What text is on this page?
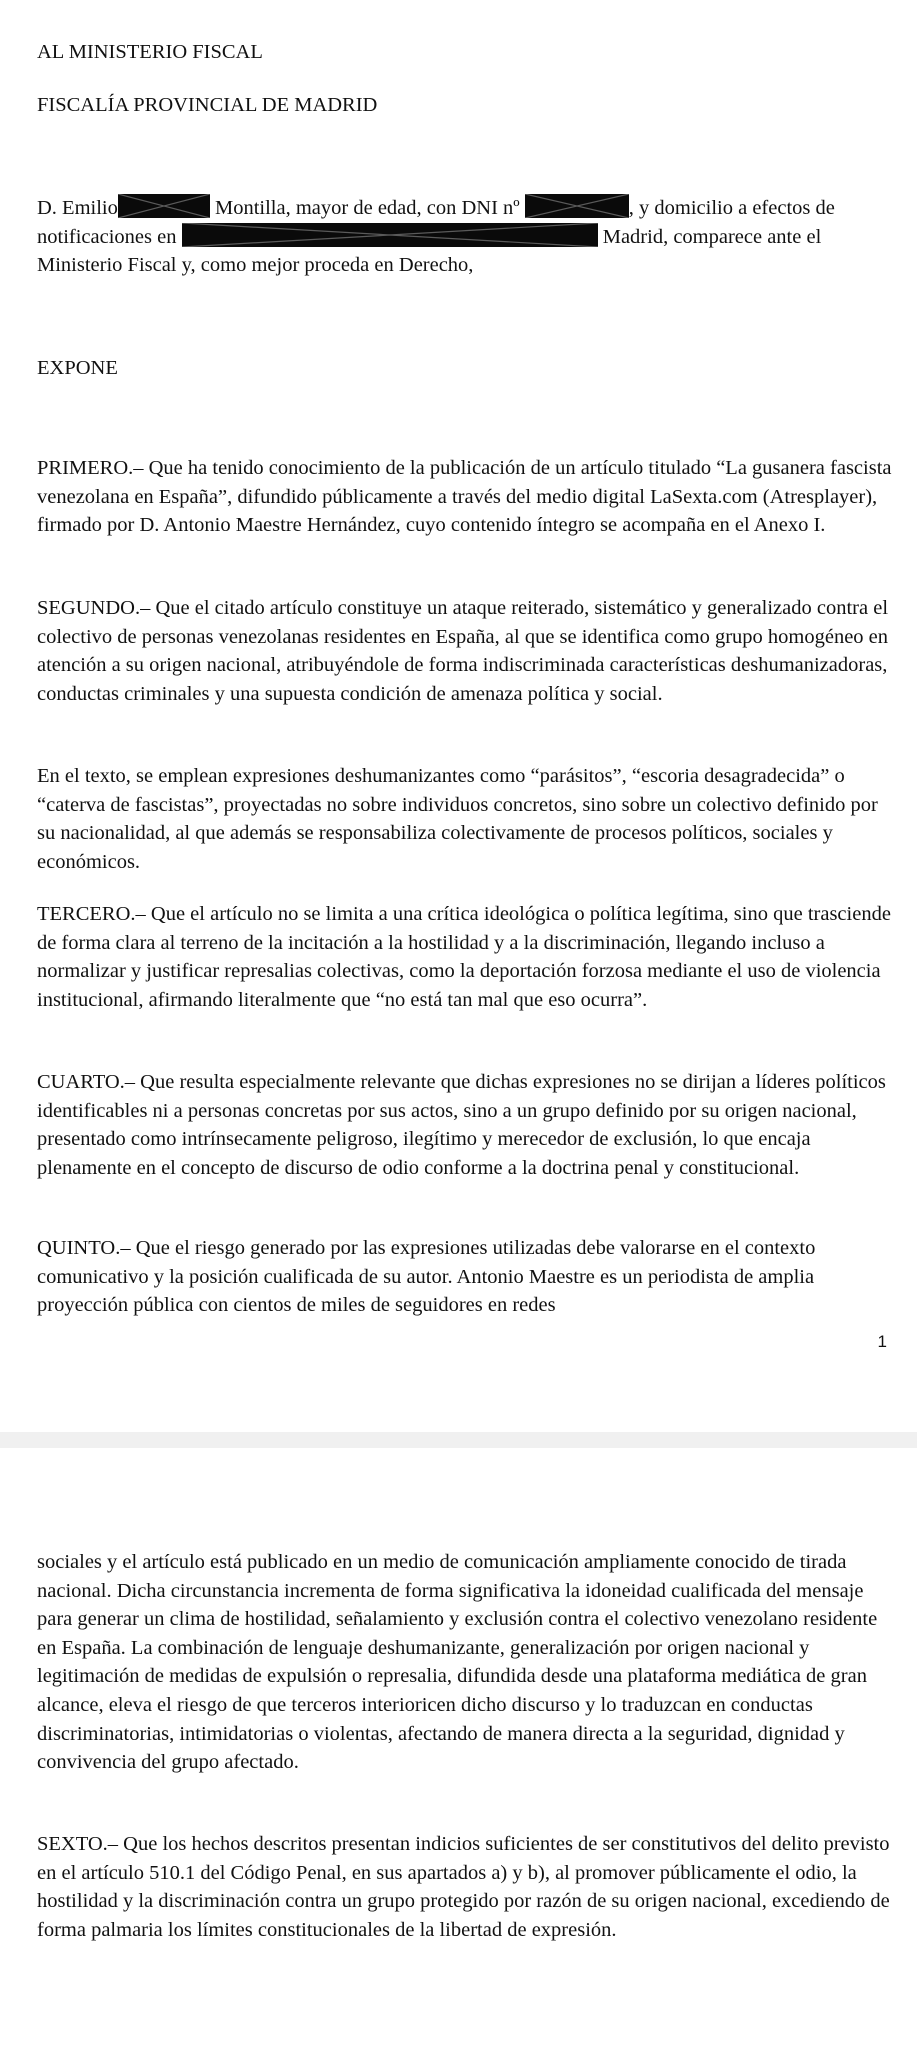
AL MINISTERIO FISCAL

FISCALÍA PROVINCIAL DE MADRID

D. Emilio	Montilla, mayor de edad, con DNI nº	, y domicilio a efectos de notificaciones en	Madrid, comparece ante el Ministerio Fiscal y, como mejor proceda en Derecho,

EXPONE

PRIMERO.– Que ha tenido conocimiento de la publicación de un artículo titulado “La gusanera fascista venezolana en España”, difundido públicamente a través del medio digital LaSexta.com (Atresplayer), firmado por D. Antonio Maestre Hernández, cuyo contenido íntegro se acompaña en el Anexo I.

SEGUNDO.– Que el citado artículo constituye un ataque reiterado, sistemático y generalizado contra el colectivo de personas venezolanas residentes en España, al que se identifica como grupo homogéneo en atención a su origen nacional, atribuyéndole de forma indiscriminada características deshumanizadoras, conductas criminales y una supuesta condición de amenaza política y social.

En el texto, se emplean expresiones deshumanizantes como “parásitos”, “escoria desagradecida” o “caterva de fascistas”, proyectadas no sobre individuos concretos, sino sobre un colectivo definido por su nacionalidad, al que además se responsabiliza colectivamente de procesos políticos, sociales y económicos.

TERCERO.– Que el artículo no se limita a una crítica ideológica o política legítima, sino que trasciende de forma clara al terreno de la incitación a la hostilidad y a la discriminación, llegando incluso a normalizar y justificar represalias colectivas, como la deportación forzosa mediante el uso de violencia institucional, afirmando literalmente que “no está tan mal que eso ocurra”.

CUARTO.– Que resulta especialmente relevante que dichas expresiones no se dirijan a líderes políticos identificables ni a personas concretas por sus actos, sino a un grupo definido por su origen nacional, presentado como intrínsecamente peligroso, ilegítimo y merecedor de exclusión, lo que encaja plenamente en el concepto de discurso de odio conforme a la doctrina penal y constitucional.

QUINTO.– Que el riesgo generado por las expresiones utilizadas debe valorarse en el contexto comunicativo y la posición cualificada de su autor. Antonio Maestre es un periodista de amplia proyección pública con cientos de miles de seguidores en redes

1

sociales y el artículo está publicado en un medio de comunicación ampliamente conocido de tirada nacional. Dicha circunstancia incrementa de forma significativa la idoneidad cualificada del mensaje para generar un clima de hostilidad, señalamiento y exclusión contra el colectivo venezolano residente en España. La combinación de lenguaje deshumanizante, generalización por origen nacional y legitimación de medidas de expulsión o represalia, difundida desde una plataforma mediática de gran alcance, eleva el riesgo de que terceros interioricen dicho discurso y lo traduzcan en conductas discriminatorias, intimidatorias o violentas, afectando de manera directa a la seguridad, dignidad y convivencia del grupo afectado.

SEXTO.– Que los hechos descritos presentan indicios suficientes de ser constitutivos del delito previsto en el artículo 510.1 del Código Penal, en sus apartados a) y b), al promover públicamente el odio, la hostilidad y la discriminación contra un grupo protegido por razón de su origen nacional, excediendo de forma palmaria los límites constitucionales de la libertad de expresión.
